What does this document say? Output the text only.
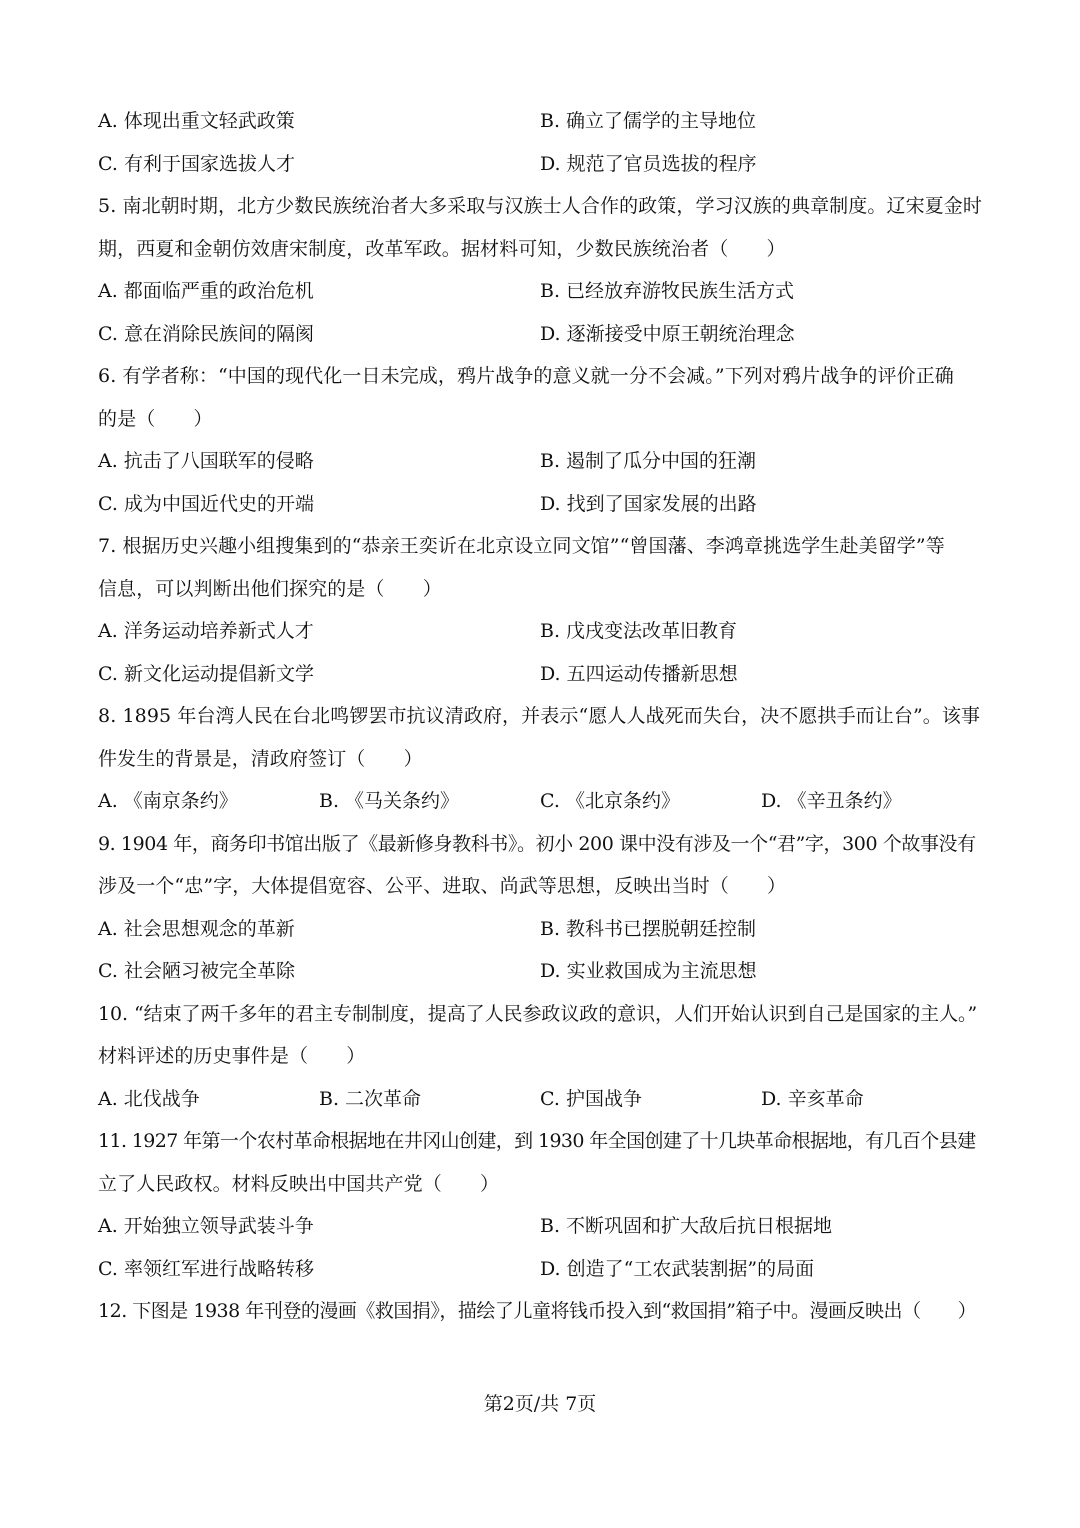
A. 体现出重文轻武政策	B. 确立了儒学的主导地位
C. 有利于国家选拔人才	D. 规范了官员选拔的程序
5. 南北朝时期，北方少数民族统治者大多采取与汉族士人合作的政策，学习汉族的典章制度。辽宋夏金时
期，西夏和金朝仿效唐宋制度，改革军政。据材料可知，少数民族统治者（　　）
A. 都面临严重的政治危机	B. 已经放弃游牧民族生活方式
C. 意在消除民族间的隔阂	D. 逐渐接受中原王朝统治理念
6. 有学者称：“中国的现代化一日未完成，鸦片战争的意义就一分不会减。”下列对鸦片战争的评价正确
的是（　　）
A. 抗击了八国联军的侵略	B. 遏制了瓜分中国的狂潮
C. 成为中国近代史的开端	D. 找到了国家发展的出路
7. 根据历史兴趣小组搜集到的“恭亲王奕䜣在北京设立同文馆”“曾国藩、李鸿章挑选学生赴美留学”等
信息，可以判断出他们探究的是（　　）
A. 洋务运动培养新式人才	B. 戊戌变法改革旧教育
C. 新文化运动提倡新文学	D. 五四运动传播新思想
8. 1895 年台湾人民在台北鸣锣罢市抗议清政府，并表示“愿人人战死而失台，决不愿拱手而让台”。该事
件发生的背景是，清政府签订（　　）
A. 《南京条约》	B. 《马关条约》	C. 《北京条约》	D. 《辛丑条约》
9. 1904 年，商务印书馆出版了《最新修身教科书》。初小 200 课中没有涉及一个“君”字，300 个故事没有
涉及一个“忠”字，大体提倡宽容、公平、进取、尚武等思想，反映出当时（　　）
A. 社会思想观念的革新	B. 教科书已摆脱朝廷控制
C. 社会陋习被完全革除	D. 实业救国成为主流思想
10. “结束了两千多年的君主专制制度，提高了人民参政议政的意识，人们开始认识到自己是国家的主人。”
材料评述的历史事件是（　　）
A. 北伐战争	B. 二次革命	C. 护国战争	D. 辛亥革命
11. 1927 年第一个农村革命根据地在井冈山创建，到 1930 年全国创建了十几块革命根据地，有几百个县建
立了人民政权。材料反映出中国共产党（　　）
A. 开始独立领导武装斗争	B. 不断巩固和扩大敌后抗日根据地
C. 率领红军进行战略转移	D. 创造了“工农武装割据”的局面
12. 下图是 1938 年刊登的漫画《救国捐》，描绘了儿童将钱币投入到“救国捐”箱子中。漫画反映出（　　）
第2页/共 7页
